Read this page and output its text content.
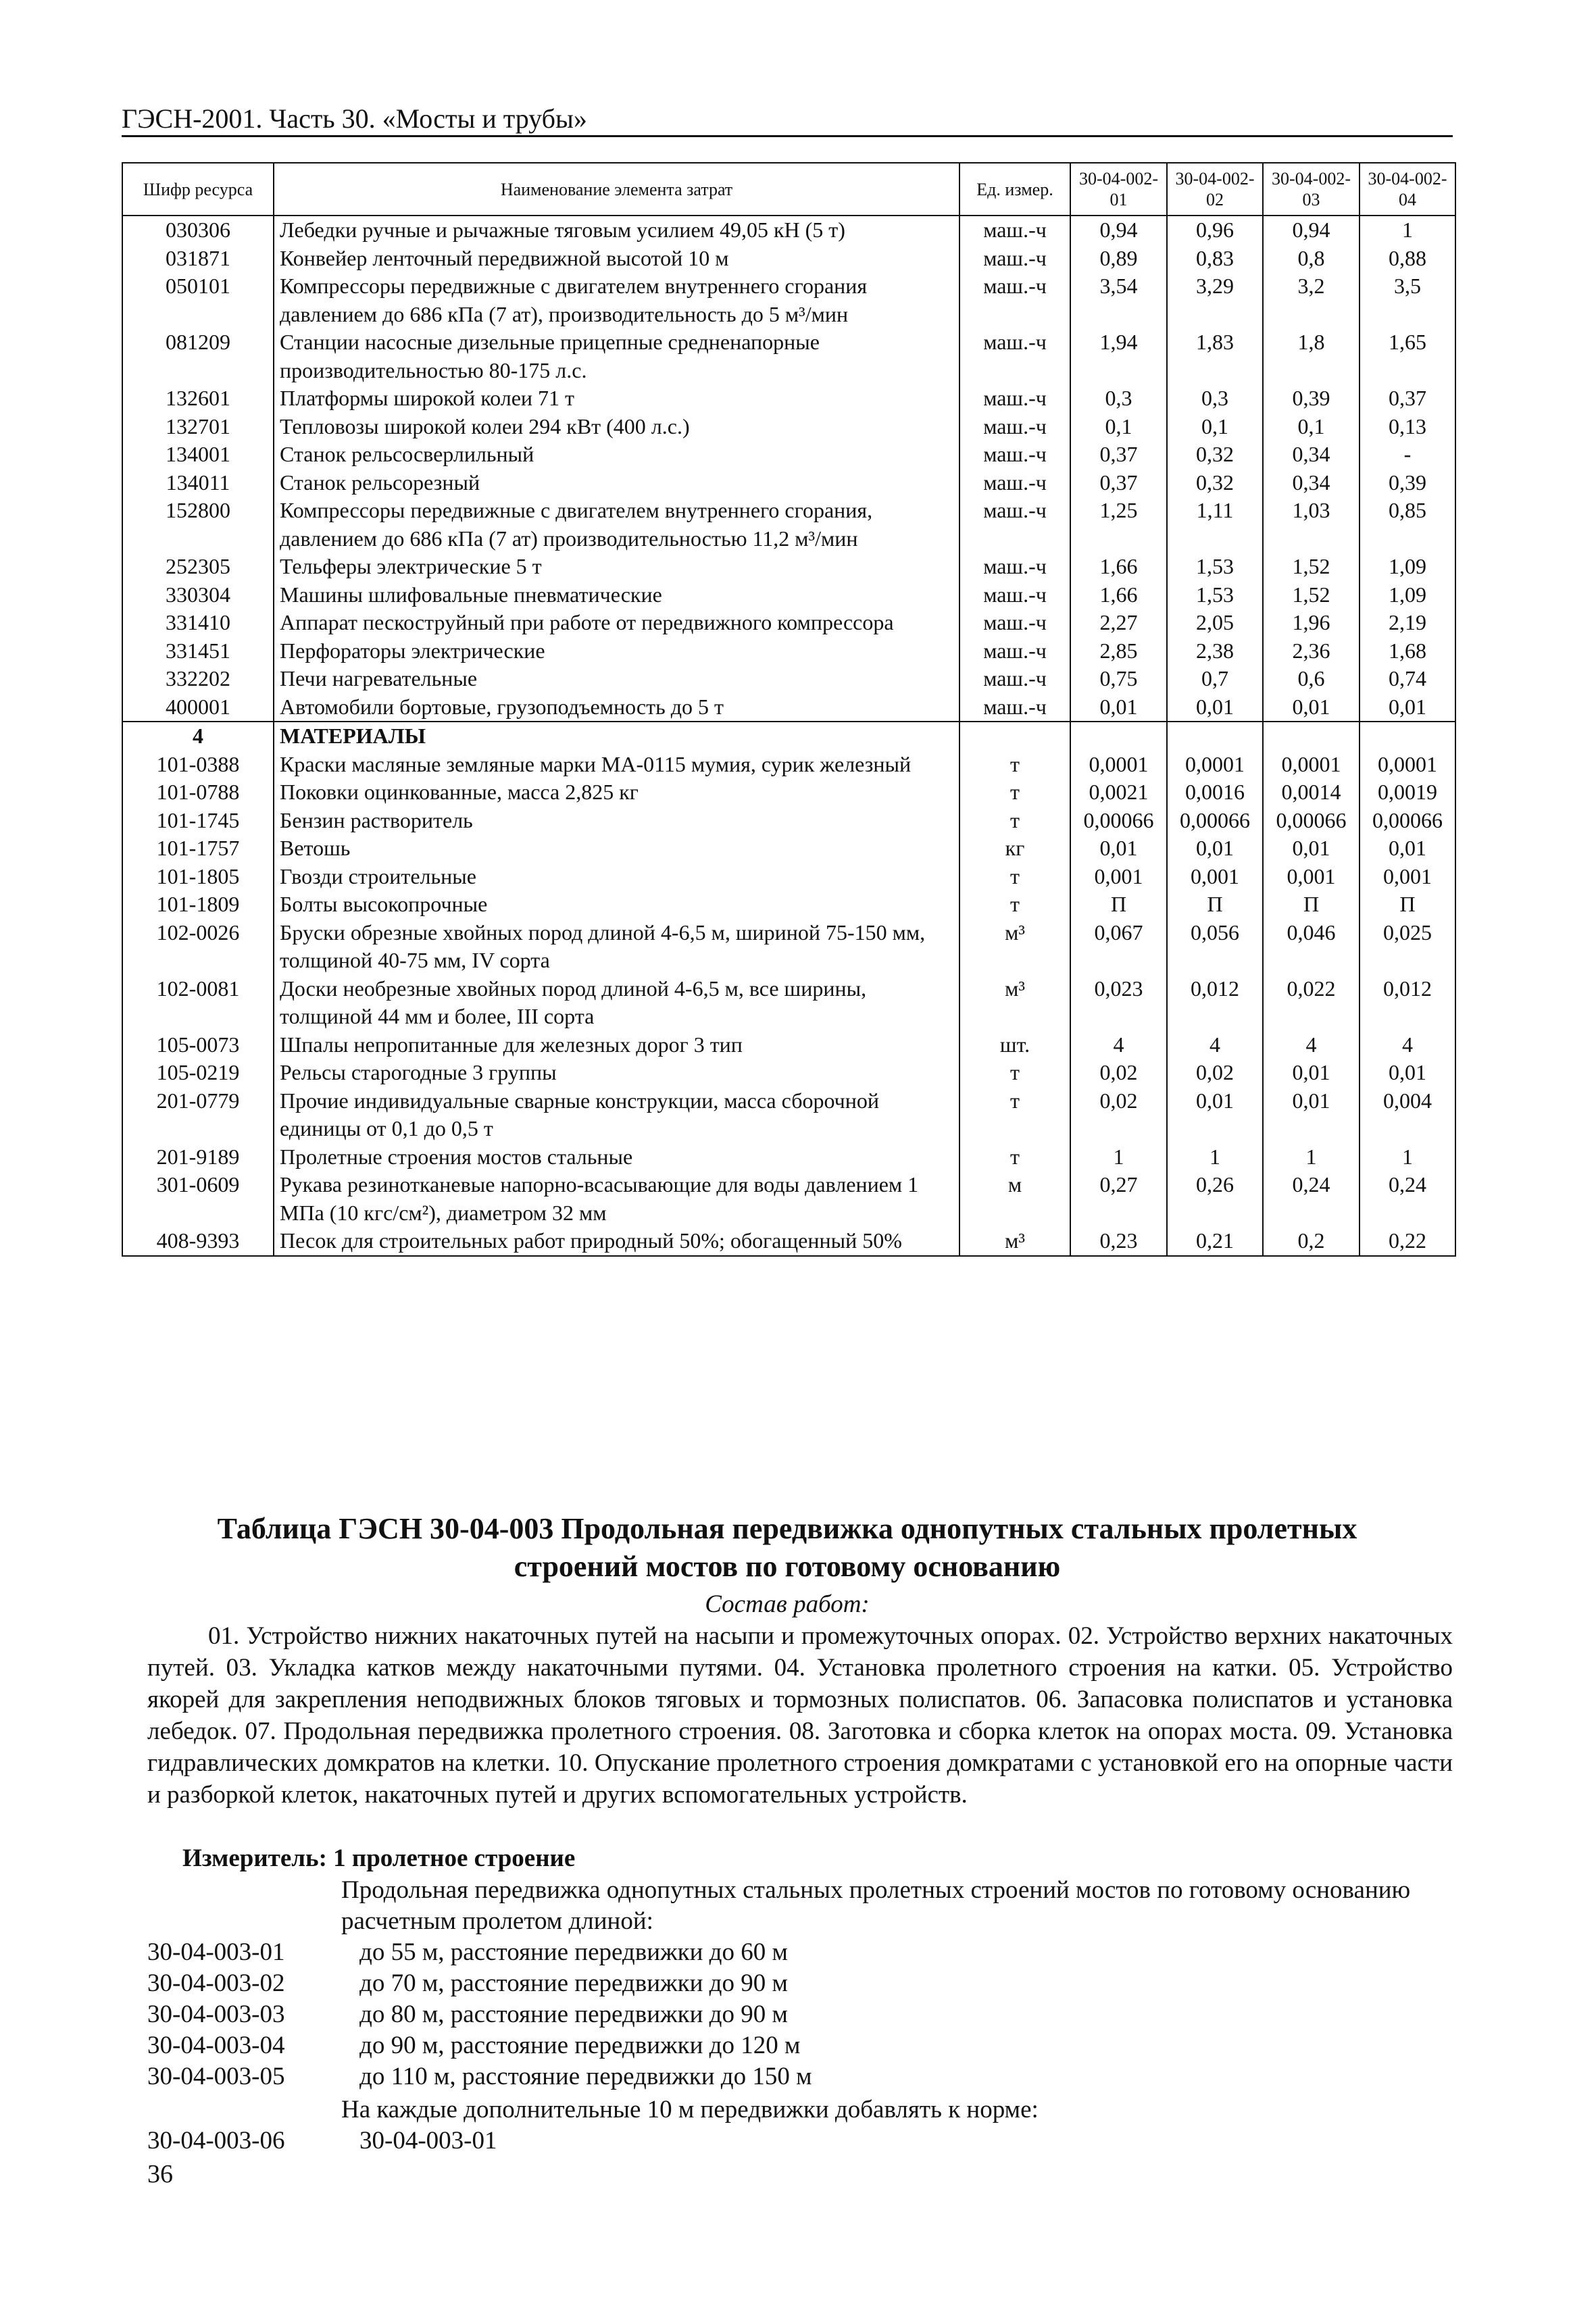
ГЭСН-2001. Часть 30. «Мосты и трубы»
Шифр ресурса	Наименование элемента затрат	Ед. измер.	30-04-002-01	30-04-002-02	30-04-002-03	30-04-002-04
030306	Лебедки ручные и рычажные тяговым усилием 49,05 кН (5 т)	маш.-ч	0,94	0,96	0,94	1
031871	Конвейер ленточный передвижной высотой 10 м	маш.-ч	0,89	0,83	0,8	0,88
050101	Компрессоры передвижные с двигателем внутреннего сгорания давлением до 686 кПа (7 ат), производительность до 5 м³/мин	маш.-ч	3,54	3,29	3,2	3,5
081209	Станции насосные дизельные прицепные средненапорные производительностью 80-175 л.с.	маш.-ч	1,94	1,83	1,8	1,65
132601	Платформы широкой колеи 71 т	маш.-ч	0,3	0,3	0,39	0,37
132701	Тепловозы широкой колеи 294 кВт (400 л.с.)	маш.-ч	0,1	0,1	0,1	0,13
134001	Станок рельсосверлильный	маш.-ч	0,37	0,32	0,34	-
134011	Станок рельсорезный	маш.-ч	0,37	0,32	0,34	0,39
152800	Компрессоры передвижные с двигателем внутреннего сгорания, давлением до 686 кПа (7 ат) производительностью 11,2 м³/мин	маш.-ч	1,25	1,11	1,03	0,85
252305	Тельферы электрические 5 т	маш.-ч	1,66	1,53	1,52	1,09
330304	Машины шлифовальные пневматические	маш.-ч	1,66	1,53	1,52	1,09
331410	Аппарат пескоструйный при работе от передвижного компрессора	маш.-ч	2,27	2,05	1,96	2,19
331451	Перфораторы электрические	маш.-ч	2,85	2,38	2,36	1,68
332202	Печи нагревательные	маш.-ч	0,75	0,7	0,6	0,74
400001	Автомобили бортовые, грузоподъемность до 5 т	маш.-ч	0,01	0,01	0,01	0,01
4	МАТЕРИАЛЫ					
101-0388	Краски масляные земляные марки МА-0115 мумия, сурик железный	т	0,0001	0,0001	0,0001	0,0001
101-0788	Поковки оцинкованные, масса 2,825 кг	т	0,0021	0,0016	0,0014	0,0019
101-1745	Бензин растворитель	т	0,00066	0,00066	0,00066	0,00066
101-1757	Ветошь	кг	0,01	0,01	0,01	0,01
101-1805	Гвозди строительные	т	0,001	0,001	0,001	0,001
101-1809	Болты высокопрочные	т	П	П	П	П
102-0026	Бруски обрезные хвойных пород длиной 4-6,5 м, шириной 75-150 мм, толщиной 40-75 мм, IV сорта	м³	0,067	0,056	0,046	0,025
102-0081	Доски необрезные хвойных пород длиной 4-6,5 м, все ширины, толщиной 44 мм и более, III сорта	м³	0,023	0,012	0,022	0,012
105-0073	Шпалы непропитанные для железных дорог 3 тип	шт.	4	4	4	4
105-0219	Рельсы старогодные 3 группы	т	0,02	0,02	0,01	0,01
201-0779	Прочие индивидуальные сварные конструкции, масса сборочной единицы от 0,1 до 0,5 т	т	0,02	0,01	0,01	0,004
201-9189	Пролетные строения мостов стальные	т	1	1	1	1
301-0609	Рукава резинотканевые напорно-всасывающие для воды давлением 1 МПа (10 кгс/см²), диаметром 32 мм	м	0,27	0,26	0,24	0,24
408-9393	Песок для строительных работ природный 50%; обогащенный 50%	м³	0,23	0,21	0,2	0,22
Таблица ГЭСН 30-04-003 Продольная передвижка однопутных стальных пролетных
строений мостов по готовому основанию
Состав работ:

01. Устройство нижних накаточных путей на насыпи и промежуточных опорах. 02. Устройство верхних накаточных путей. 03. Укладка катков между накаточными путями. 04. Установка пролетного строения на катки. 05. Устройство якорей для закрепления неподвижных блоков тяговых и тормозных полиспатов. 06. Запасовка полиспатов и установка лебедок. 07. Продольная передвижка пролетного строения. 08. Заготовка и сборка клеток на опорах моста. 09. Установка гидравлических домкратов на клетки. 10. Опускание пролетного строения домкратами с установкой его на опорные части и разборкой клеток, накаточных путей и других вспомогательных устройств.

Измеритель: 1 пролетное строение
Продольная передвижка однопутных стальных пролетных строений мостов по готовому основанию расчетным пролетом длиной:
30-04-003-01	до 55 м, расстояние передвижки до 60 м
30-04-003-02	до 70 м, расстояние передвижки до 90 м
30-04-003-03	до 80 м, расстояние передвижки до 90 м
30-04-003-04	до 90 м, расстояние передвижки до 120 м
30-04-003-05	до 110 м, расстояние передвижки до 150 м
На каждые дополнительные 10 м передвижки добавлять к норме:
30-04-003-06	30-04-003-01
36
